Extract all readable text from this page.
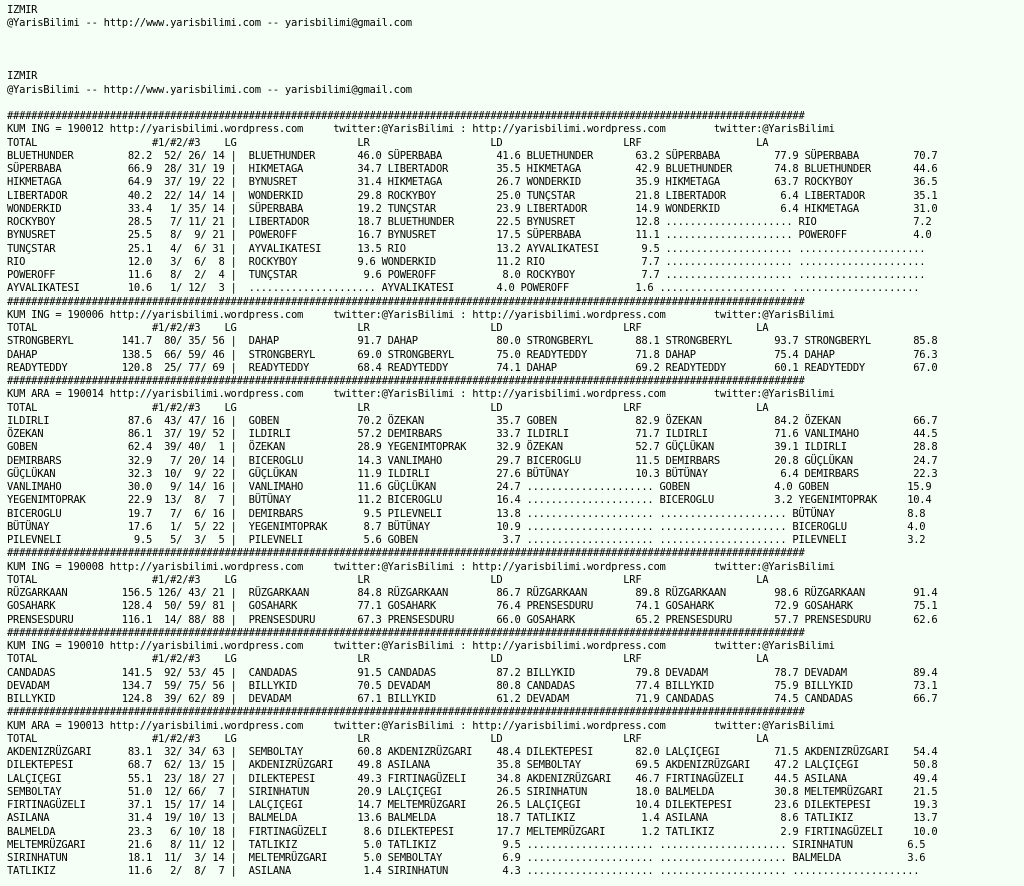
IZMIR
@YarisBilimi -- http://www.yarisbilimi.com -- yarisbilimi@gmail.com

IZMIR
@YarisBilimi -- http://www.yarisbilimi.com -- yarisbilimi@gmail.com

####################################################################################################################################
KUM ING = 190012 http://yarisbilimi.wordpress.com     twitter:@YarisBilimi : http://yarisbilimi.wordpress.com        twitter:@YarisBilimi
TOTAL                   #1/#2/#3    LG                    LR                    LD                    LRF                   LA
BLUETHUNDER         82.2  52/ 26/ 14 |  BLUETHUNDER       46.0 SÜPERBABA         41.6 BLUETHUNDER       63.2 SÜPERBABA         77.9 SÜPERBABA         70.7
SÜPERBABA           66.9  28/ 31/ 19 |  HIKMETAGA         34.7 LIBERTADOR        35.5 HIKMETAGA         42.9 BLUETHUNDER       74.8 BLUETHUNDER       44.6
HIKMETAGA           64.9  37/ 19/ 22 |  BYNUSRET          31.4 HIKMETAGA         26.7 WONDERKID         35.9 HIKMETAGA         63.7 ROCKYBOY          36.5
LIBERTADOR          40.2  22/ 14/ 14 |  WONDERKID         29.8 ROCKYBOY          25.0 TUNÇSTAR          21.8 LIBERTADOR         6.4 LIBERTADOR        35.1
WONDERKID           33.4   1/ 35/ 14 |  SÜPERBABA         19.2 TUNÇSTAR          23.9 LIBERTADOR        14.9 WONDERKID          6.4 HIKMETAGA         31.0
ROCKYBOY            28.5   7/ 11/ 21 |  LIBERTADOR        18.7 BLUETHUNDER       22.5 BYNUSRET          12.8 ..................... RIO                7.2
BYNUSRET            25.5   8/  9/ 21 |  POWEROFF          16.7 BYNUSRET          17.5 SÜPERBABA         11.1 ..................... POWEROFF           4.0
TUNÇSTAR            25.1   4/  6/ 31 |  AYVALIKATESI      13.5 RIO               13.2 AYVALIKATESI       9.5 ..................... .....................
RIO                 12.0   3/  6/  8 |  ROCKYBOY          9.6 WONDERKID          11.2 RIO                7.7 ..................... .....................
POWEROFF            11.6   8/  2/  4 |  TUNÇSTAR           9.6 POWEROFF           8.0 ROCKYBOY           7.7 ..................... .....................
AYVALIKATESI        10.6   1/ 12/  3 |  ..................... AYVALIKATESI       4.0 POWEROFF           1.6 ..................... .....................
####################################################################################################################################
KUM ING = 190006 http://yarisbilimi.wordpress.com     twitter:@YarisBilimi : http://yarisbilimi.wordpress.com        twitter:@YarisBilimi
TOTAL                   #1/#2/#3    LG                    LR                    LD                    LRF                   LA
STRONGBERYL        141.7  80/ 35/ 56 |  DAHAP             91.7 DAHAP             80.0 STRONGBERYL       88.1 STRONGBERYL       93.7 STRONGBERYL       85.8
DAHAP              138.5  66/ 59/ 46 |  STRONGBERYL       69.0 STRONGBERYL       75.0 READYTEDDY        71.8 DAHAP             75.4 DAHAP             76.3
READYTEDDY         120.8  25/ 77/ 69 |  READYTEDDY        68.4 READYTEDDY        74.1 DAHAP             69.2 READYTEDDY        60.1 READYTEDDY        67.0
####################################################################################################################################
KUM ARA = 190014 http://yarisbilimi.wordpress.com     twitter:@YarisBilimi : http://yarisbilimi.wordpress.com        twitter:@YarisBilimi
TOTAL                   #1/#2/#3    LG                    LR                    LD                    LRF                   LA
ILDIRLI             87.6  43/ 47/ 16 |  GOBEN             70.2 ÖZEKAN            35.7 GOBEN             82.9 ÖZEKAN            84.2 ÖZEKAN            66.7
ÖZEKAN              86.1  37/ 19/ 52 |  ILDIRLI           57.2 DEMIRBARS         33.7 ILDIRLI           71.7 ILDIRLI           71.6 VANLIMAHO         44.5
GOBEN               62.4  39/ 40/  1 |  ÖZEKAN            28.9 YEGENIMTOPRAK     32.9 ÖZEKAN            52.7 GÜÇLÜKAN          39.1 ILDIRLI           28.8
DEMIRBARS           32.9   7/ 20/ 14 |  BICEROGLU         14.3 VANLIMAHO         29.7 BICEROGLU         11.5 DEMIRBARS         20.8 GÜÇLÜKAN          24.7
GÜÇLÜKAN            32.3  10/  9/ 22 |  GÜÇLÜKAN          11.9 ILDIRLI           27.6 BÜTÜNAY           10.3 BÜTÜNAY            6.4 DEMIRBARS         22.3
VANLIMAHO           30.0   9/ 14/ 16 |  VANLIMAHO         11.6 GÜÇLÜKAN          24.7 ..................... GOBEN              4.0 GOBEN             15.9
YEGENIMTOPRAK       22.9  13/  8/  7 |  BÜTÜNAY           11.2 BICEROGLU         16.4 ..................... BICEROGLU          3.2 YEGENIMTOPRAK     10.4
BICEROGLU           19.7   7/  6/ 16 |  DEMIRBARS          9.5 PILEVNELI         13.8 ..................... ..................... BÜTÜNAY            8.8
BÜTÜNAY             17.6   1/  5/ 22 |  YEGENIMTOPRAK      8.7 BÜTÜNAY           10.9 ..................... ..................... BICEROGLU          4.0
PILEVNELI            9.5   5/  3/  5 |  PILEVNELI          5.6 GOBEN              3.7 ..................... ..................... PILEVNELI          3.2
####################################################################################################################################
KUM ING = 190008 http://yarisbilimi.wordpress.com     twitter:@YarisBilimi : http://yarisbilimi.wordpress.com        twitter:@YarisBilimi
TOTAL                   #1/#2/#3    LG                    LR                    LD                    LRF                   LA
RÜZGARKAAN         156.5 126/ 43/ 21 |  RÜZGARKAAN        84.8 RÜZGARKAAN        86.7 RÜZGARKAAN        89.8 RÜZGARKAAN        98.6 RÜZGARKAAN        91.4
GOSAHARK           128.4  50/ 59/ 81 |  GOSAHARK          77.1 GOSAHARK          76.4 PRENSESDURU       74.1 GOSAHARK          72.9 GOSAHARK          75.1
PRENSESDURU        116.1  14/ 88/ 88 |  PRENSESDURU       67.3 PRENSESDURU       66.0 GOSAHARK          65.2 PRENSESDURU       57.7 PRENSESDURU       62.6
####################################################################################################################################
KUM ING = 190010 http://yarisbilimi.wordpress.com     twitter:@YarisBilimi : http://yarisbilimi.wordpress.com        twitter:@YarisBilimi
TOTAL                   #1/#2/#3    LG                    LR                    LD                    LRF                   LA
CANDADAS           141.5  92/ 53/ 45 |  CANDADAS          91.5 CANDADAS          87.2 BILLYKID          79.8 DEVADAM           78.7 DEVADAM           89.4
DEVADAM            134.7  59/ 75/ 56 |  BILLYKID          70.5 DEVADAM           80.8 CANDADAS          77.4 BILLYKID          75.9 BILLYKID          73.1
BILLYKID           124.8  39/ 62/ 89 |  DEVADAM           67.1 BILLYKID          61.2 DEVADAM           71.9 CANDADAS          74.5 CANDADAS          66.7
####################################################################################################################################
KUM ARA = 190013 http://yarisbilimi.wordpress.com     twitter:@YarisBilimi : http://yarisbilimi.wordpress.com        twitter:@YarisBilimi
TOTAL                   #1/#2/#3    LG                    LR                    LD                    LRF                   LA
AKDENIZRÜZGARI      83.1  32/ 34/ 63 |  SEMBOLTAY         60.8 AKDENIZRÜZGARI    48.4 DILEKTEPESI       82.0 LALÇIÇEGI         71.5 AKDENIZRÜZGARI    54.4
DILEKTEPESI         68.7  62/ 13/ 15 |  AKDENIZRÜZGARI    49.8 ASILANA           35.8 SEMBOLTAY         69.5 AKDENIZRÜZGARI    47.2 LALÇIÇEGI         50.8
LALÇIÇEGI           55.1  23/ 18/ 27 |  DILEKTEPESI       49.3 FIRTINAGÜZELI     34.8 AKDENIZRÜZGARI    46.7 FIRTINAGÜZELI     44.5 ASILANA           49.4
SEMBOLTAY           51.0  12/ 66/  7 |  SIRINHATUN        20.9 LALÇIÇEGI         26.5 SIRINHATUN        18.0 BALMELDA          30.8 MELTEMRÜZGARI     21.5
FIRTINAGÜZELI       37.1  15/ 17/ 14 |  LALÇIÇEGI         14.7 MELTEMRÜZGARI     26.5 LALÇIÇEGI         10.4 DILEKTEPESI       23.6 DILEKTEPESI       19.3
ASILANA             31.4  19/ 10/ 13 |  BALMELDA          13.6 BALMELDA          18.7 TATLIKIZ           1.4 ASILANA            8.6 TATLIKIZ          13.7
BALMELDA            23.3   6/ 10/ 18 |  FIRTINAGÜZELI      8.6 DILEKTEPESI       17.7 MELTEMRÜZGARI      1.2 TATLIKIZ           2.9 FIRTINAGÜZELI     10.0
MELTEMRÜZGARI       21.6   8/ 11/ 12 |  TATLIKIZ           5.0 TATLIKIZ           9.5 ..................... ..................... SIRINHATUN         6.5
SIRINHATUN          18.1  11/  3/ 14 |  MELTEMRÜZGARI      5.0 SEMBOLTAY          6.9 ..................... ..................... BALMELDA           3.6
TATLIKIZ            11.6   2/  8/  7 |  ASILANA            1.4 SIRINHATUN         4.3 ..................... ..................... .....................
